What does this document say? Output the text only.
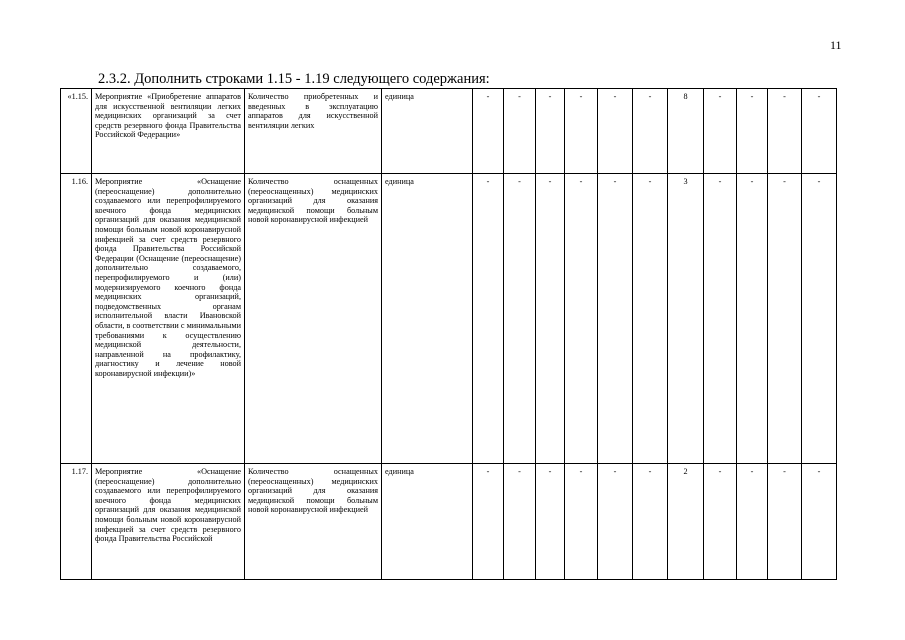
11
2.3.2. Дополнить строками 1.15 - 1.19 следующего содержания:
«1.15.	Мероприятие «Приобретение аппаратов для искусственной вентиляции легких медицинских организаций за счет средств резервного фонда Правительства Российской Федерации»	Количество приобретенных и введенных в эксплуатацию аппаратов для искусственной вентиляции легких	единица	-	-	-	-	-	-	8	-	-	-	-
1.16.	Мероприятие «Оснащение (переоснащение) дополнительно создаваемого или перепрофилируемого коечного фонда медицинских организаций для оказания медицинской помощи больным новой коронавирусной инфекцией за счет средств резервного фонда Правительства Российской Федерации (Оснащение (переоснащение) дополнительно создаваемого, перепрофилируемого и (или) модернизируемого коечного фонда медицинских организаций, подведомственных органам исполнительной власти Ивановской области, в соответствии с минимальными требованиями к осуществлению медицинской деятельности, направленной на профилактику, диагностику и лечение новой коронавирусной инфекции)»	Количество оснащенных (переоснащенных) медицинских организаций для оказания медицинской помощи больным новой коронавирусной инфекцией	единица	-	-	-	-	-	-	3	-	-	-	-
1.17.	Мероприятие «Оснащение (переоснащение) дополнительно создаваемого или перепрофилируемого коечного фонда медицинских организаций для оказания медицинской помощи больным новой коронавирусной инфекцией за счет средств резервного фонда Правительства Российской	Количество оснащенных (переоснащенных) медицинских организаций для оказания медицинской помощи больным новой коронавирусной инфекцией	единица	-	-	-	-	-	-	2	-	-	-	-
